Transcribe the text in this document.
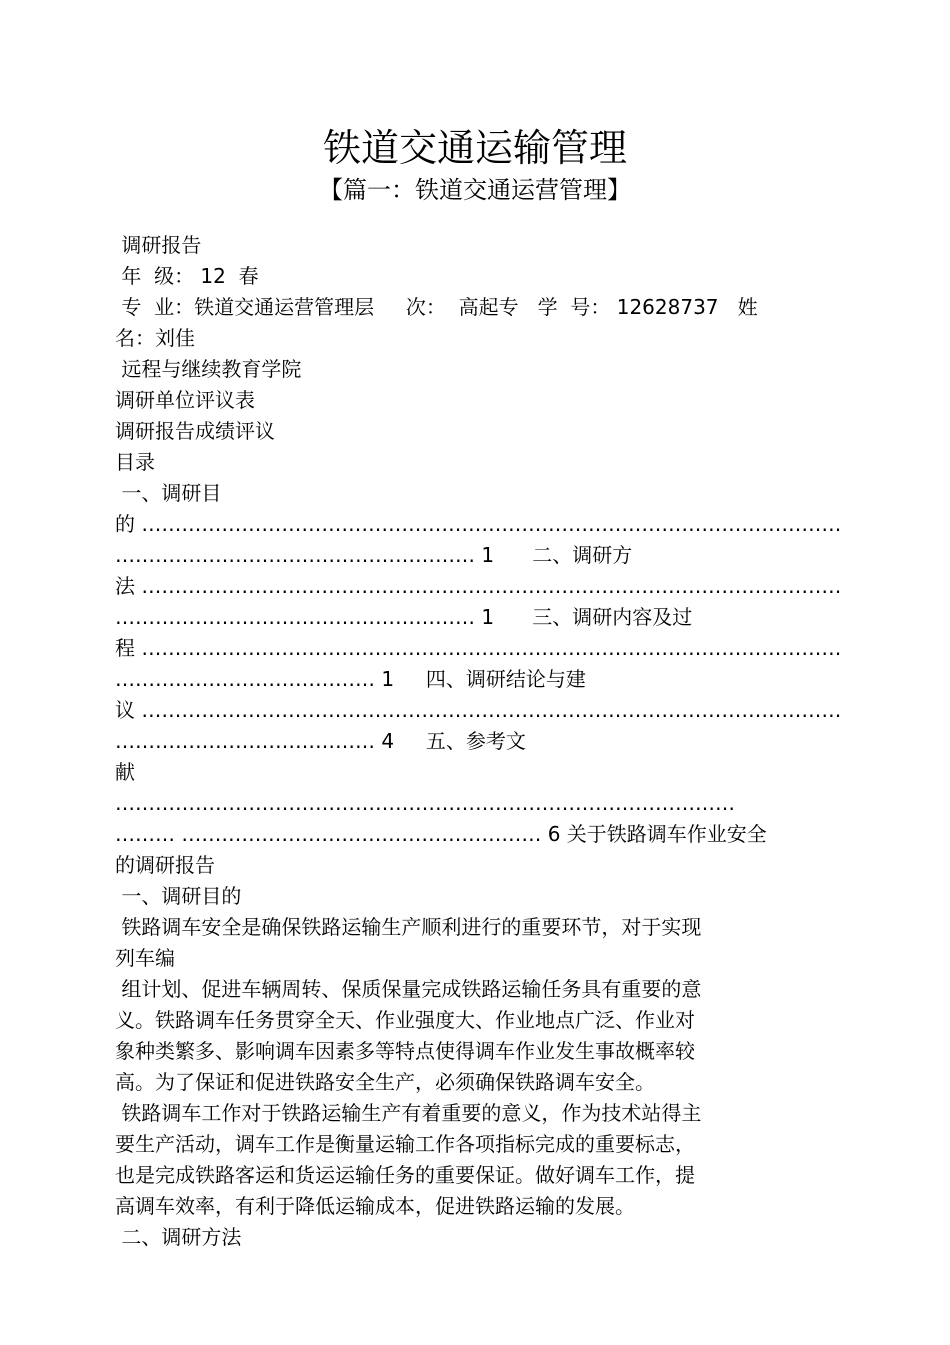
铁道交通运输管理
【篇一：铁道交通运营管理】
调研报告
年  级： 12  春
专  业：铁道交通运营管理层     次：  高起专   学  号： 12628737   姓
名：刘佳
远程与继续教育学院
调研单位评议表
调研报告成绩评议
目录
一、调研目
的 ……………………………………………………………………………………………
……………………………………………… 1      二、调研方
法 ……………………………………………………………………………………………
……………………………………………… 1      三、调研内容及过
程 ……………………………………………………………………………………………
………………………………… 1     四、调研结论与建
议 ……………………………………………………………………………………………
………………………………… 4     五、参考文
献
…………………………………………………………………………………
……… ……………………………………………… 6 关于铁路调车作业安全
的调研报告
一、调研目的
铁路调车安全是确保铁路运输生产顺利进行的重要环节，对于实现
列车编
组计划、促进车辆周转、保质保量完成铁路运输任务具有重要的意
义。铁路调车任务贯穿全天、作业强度大、作业地点广泛、作业对
象种类繁多、影响调车因素多等特点使得调车作业发生事故概率较
高。为了保证和促进铁路安全生产，必须确保铁路调车安全。
铁路调车工作对于铁路运输生产有着重要的意义，作为技术站得主
要生产活动，调车工作是衡量运输工作各项指标完成的重要标志，
也是完成铁路客运和货运运输任务的重要保证。做好调车工作，提
高调车效率，有利于降低运输成本，促进铁路运输的发展。
二、调研方法
